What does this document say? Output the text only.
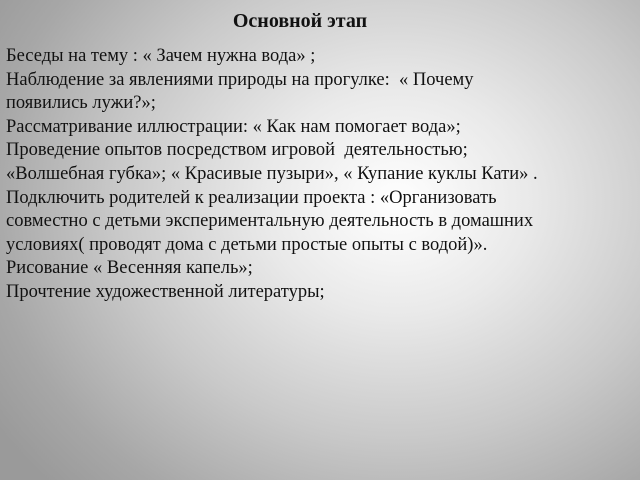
Основной этап
Беседы на тему : « Зачем нужна вода» ;
Наблюдение за явлениями природы на прогулке:  « Почему
появились лужи?»;
Рассматривание иллюстрации: « Как нам помогает вода»;
Проведение опытов посредством игровой  деятельностью;
«Волшебная губка»; « Красивые пузыри», « Купание куклы Кати» .
Подключить родителей к реализации проекта : «Организовать
совместно с детьми экспериментальную деятельность в домашних
условиях( проводят дома с детьми простые опыты с водой)».
Рисование « Весенняя капель»;
Прочтение художественной литературы;
